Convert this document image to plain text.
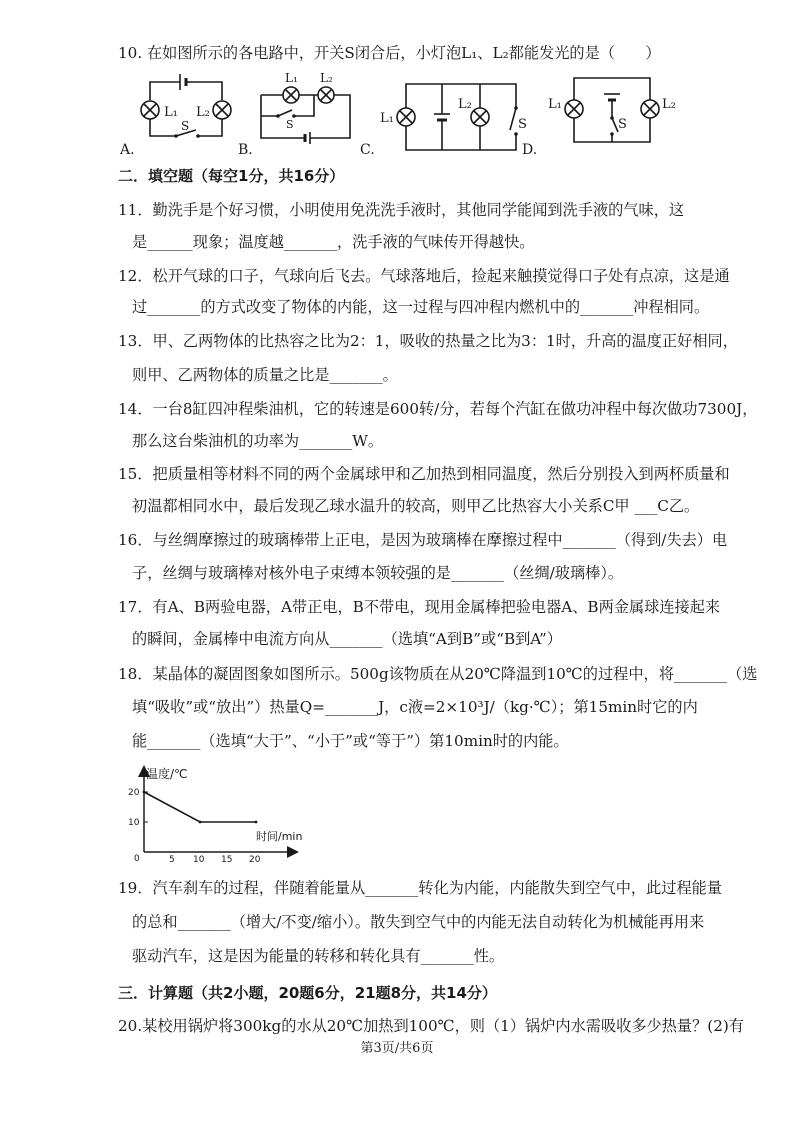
10. 在如图所示的各电路中，开关S闭合后，小灯泡L₁、L₂都能发光的是（　　）
L₁ L₂
S
A.
L₁ L₂
S
B.
L₁
L₂
S
C.
L₁	L₂
S
D.
二．填空题（每空1分，共16分）
11．勤洗手是个好习惯，小明使用免洗洗手液时，其他同学能闻到洗手液的气味，这
是______现象；温度越_______，洗手液的气味传开得越快。
12．松开气球的口子，气球向后飞去。气球落地后，捡起来触摸觉得口子处有点凉，这是通
过_______的方式改变了物体的内能，这一过程与四冲程内燃机中的_______冲程相同。
13．甲、乙两物体的比热容之比为2：1，吸收的热量之比为3：1时，升高的温度正好相同，
则甲、乙两物体的质量之比是_______。
14．一台8缸四冲程柴油机，它的转速是600转/分，若每个汽缸在做功冲程中每次做功7300J，
那么这台柴油机的功率为_______W。
15．把质量相等材料不同的两个金属球甲和乙加热到相同温度，然后分别投入到两杯质量和
初温都相同水中，最后发现乙球水温升的较高，则甲乙比热容大小关系C甲 ___C乙。
16．与丝绸摩擦过的玻璃棒带上正电，是因为玻璃棒在摩擦过程中_______（得到/失去）电
子，丝绸与玻璃棒对核外电子束缚本领较强的是_______（丝绸/玻璃棒）。
17．有A、B两验电器，A带正电，B不带电，现用金属棒把验电器A、B两金属球连接起来
的瞬间，金属棒中电流方向从_______（选填“A到B”或“B到A”）
18．某晶体的凝固图象如图所示。500g该物质在从20℃降温到10℃的过程中，将_______（选
填“吸收”或“放出”）热量Q=_______J，c液=2×10³J/（kg·℃）；第15min时它的内
能_______（选填“大于”、“小于”或“等于”）第10min时的内能。
温度/℃
时间/min
0
20
10
5 10 15 20
19．汽车刹车的过程，伴随着能量从_______转化为内能，内能散失到空气中，此过程能量
的总和_______（增大/不变/缩小）。散失到空气中的内能无法自动转化为机械能再用来
驱动汽车，这是因为能量的转移和转化具有_______性。
三．计算题（共2小题，20题6分，21题8分，共14分）
20.某校用锅炉将300kg的水从20℃加热到100℃，则（1）锅炉内水需吸收多少热量？(2)有
第3页/共6页
